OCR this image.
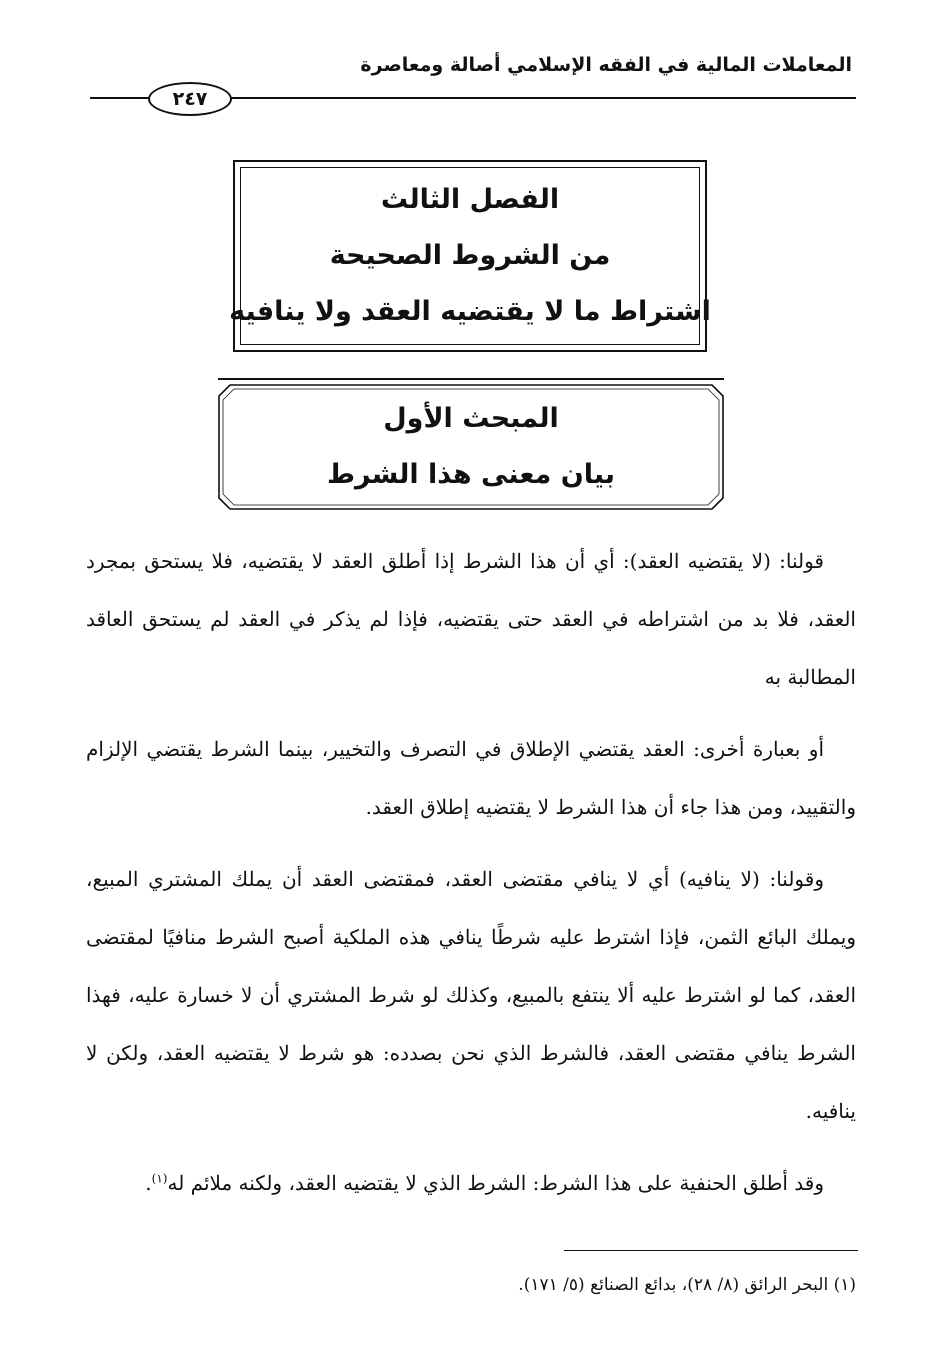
المعاملات المالية في الفقه الإسلامي أصالة ومعاصرة
٢٤٧
الفصل الثالث
من الشروط الصحيحة
اشتراط ما لا يقتضيه العقد ولا ينافيه
المبحث الأول
بيان معنى هذا الشرط

قولنا: (لا يقتضيه العقد): أي أن هذا الشرط إذا أطلق العقد لا يقتضيه، فلا يستحق بمجرد العقد، فلا بد من اشتراطه في العقد حتى يقتضيه، فإذا لم يذكر في العقد لم يستحق العاقد المطالبة به

أو بعبارة أخرى: العقد يقتضي الإطلاق في التصرف والتخيير، بينما الشرط يقتضي الإلزام والتقييد، ومن هذا جاء أن هذا الشرط لا يقتضيه إطلاق العقد.

وقولنا: (لا ينافيه) أي لا ينافي مقتضى العقد، فمقتضى العقد أن يملك المشتري المبيع، ويملك البائع الثمن، فإذا اشترط عليه شرطًا ينافي هذه الملكية أصبح الشرط منافيًا لمقتضى العقد، كما لو اشترط عليه ألا ينتفع بالمبيع، وكذلك لو شرط المشتري أن لا خسارة عليه، فهذا الشرط ينافي مقتضى العقد، فالشرط الذي نحن بصدده: هو شرط لا يقتضيه العقد، ولكن لا ينافيه.

وقد أطلق الحنفية على هذا الشرط: الشرط الذي لا يقتضيه العقد، ولكنه ملائم له$^{(١)}$.

(١) البحر الرائق (٨/ ٢٨)، بدائع الصنائع (٥/ ١٧١).
